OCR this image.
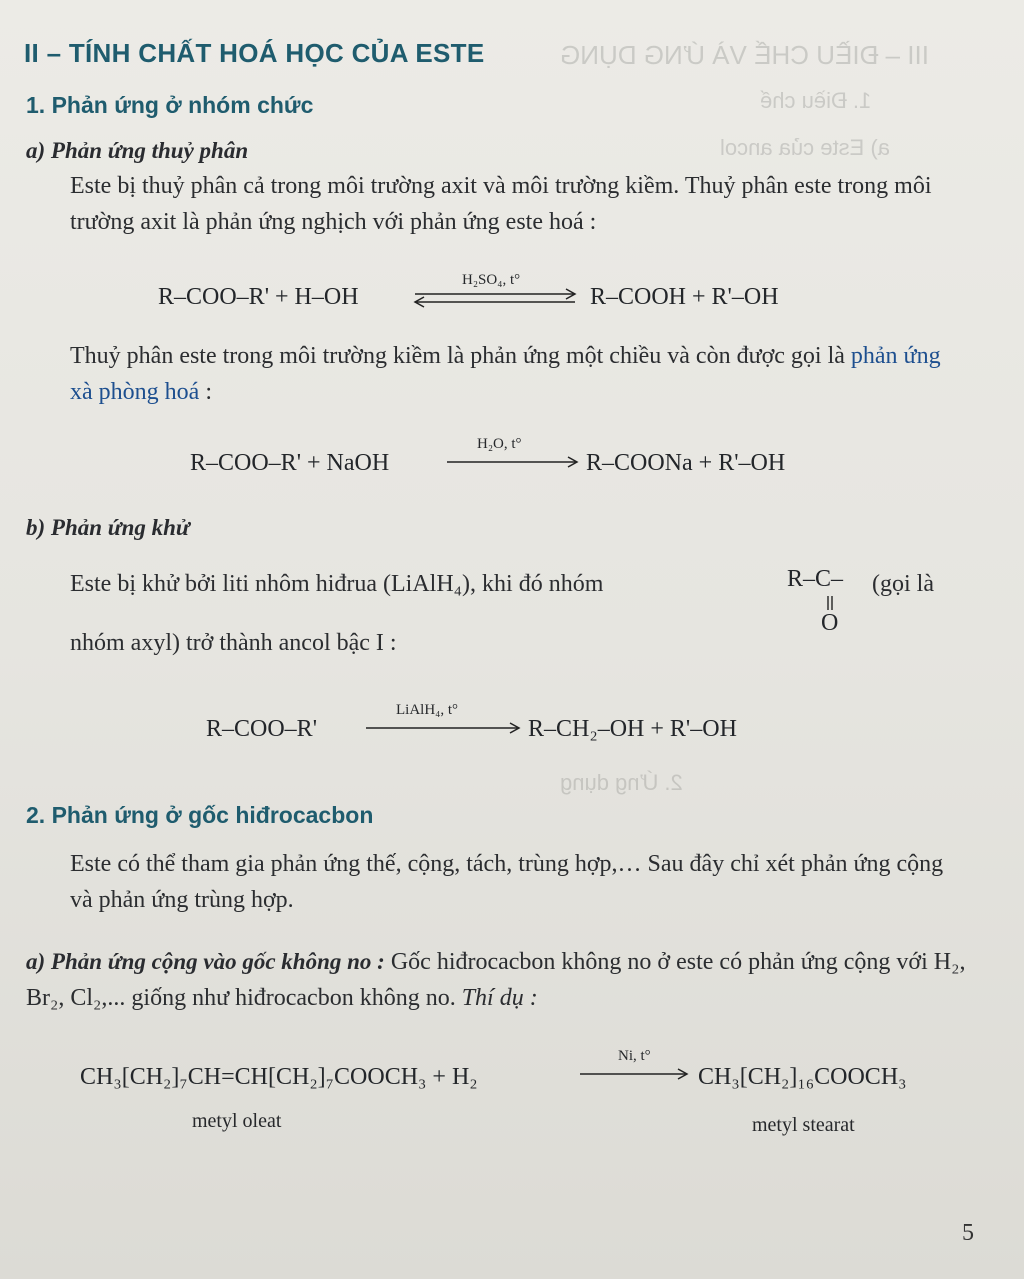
III – ĐIỀU CHẾ VÀ ỨNG DỤNG
1. Điều chế
a) Este của ancol
2. Ứng dụng
II – TÍNH CHẤT HOÁ HỌC CỦA ESTE
1. Phản ứng ở nhóm chức
a) Phản ứng thuỷ phân
Este bị thuỷ phân cả trong môi trường axit và môi trường kiềm. Thuỷ phân este trong môi trường axit là phản ứng nghịch với phản ứng este hoá :
R–COO–R' + H–OH
H₂SO₄, t°
R–COOH + R'–OH
Thuỷ phân este trong môi trường kiềm là phản ứng một chiều và còn được gọi là phản ứng xà phòng hoá :
R–COO–R' + NaOH
H₂O, t°
R–COONa + R'–OH
b) Phản ứng khử
Este bị khử bởi liti nhôm hiđrua (LiAlH₄), khi đó nhóm	R–C–
O
(gọi là
nhóm axyl) trở thành ancol bậc I :
R–COO–R'
LiAlH₄, t°
R–CH₂–OH + R'–OH
2. Phản ứng ở gốc hiđrocacbon
Este có thể tham gia phản ứng thế, cộng, tách, trùng hợp,… Sau đây chỉ xét phản ứng cộng và phản ứng trùng hợp.
a) Phản ứng cộng vào gốc không no : Gốc hiđrocacbon không no ở este có phản ứng cộng với H₂, Br₂, Cl₂,... giống như hiđrocacbon không no. Thí dụ :
CH₃[CH₂]₇CH=CH[CH₂]₇COOCH₃ + H₂
Ni, t°
CH₃[CH₂]₁₆COOCH₃
metyl oleat	metyl stearat
5
